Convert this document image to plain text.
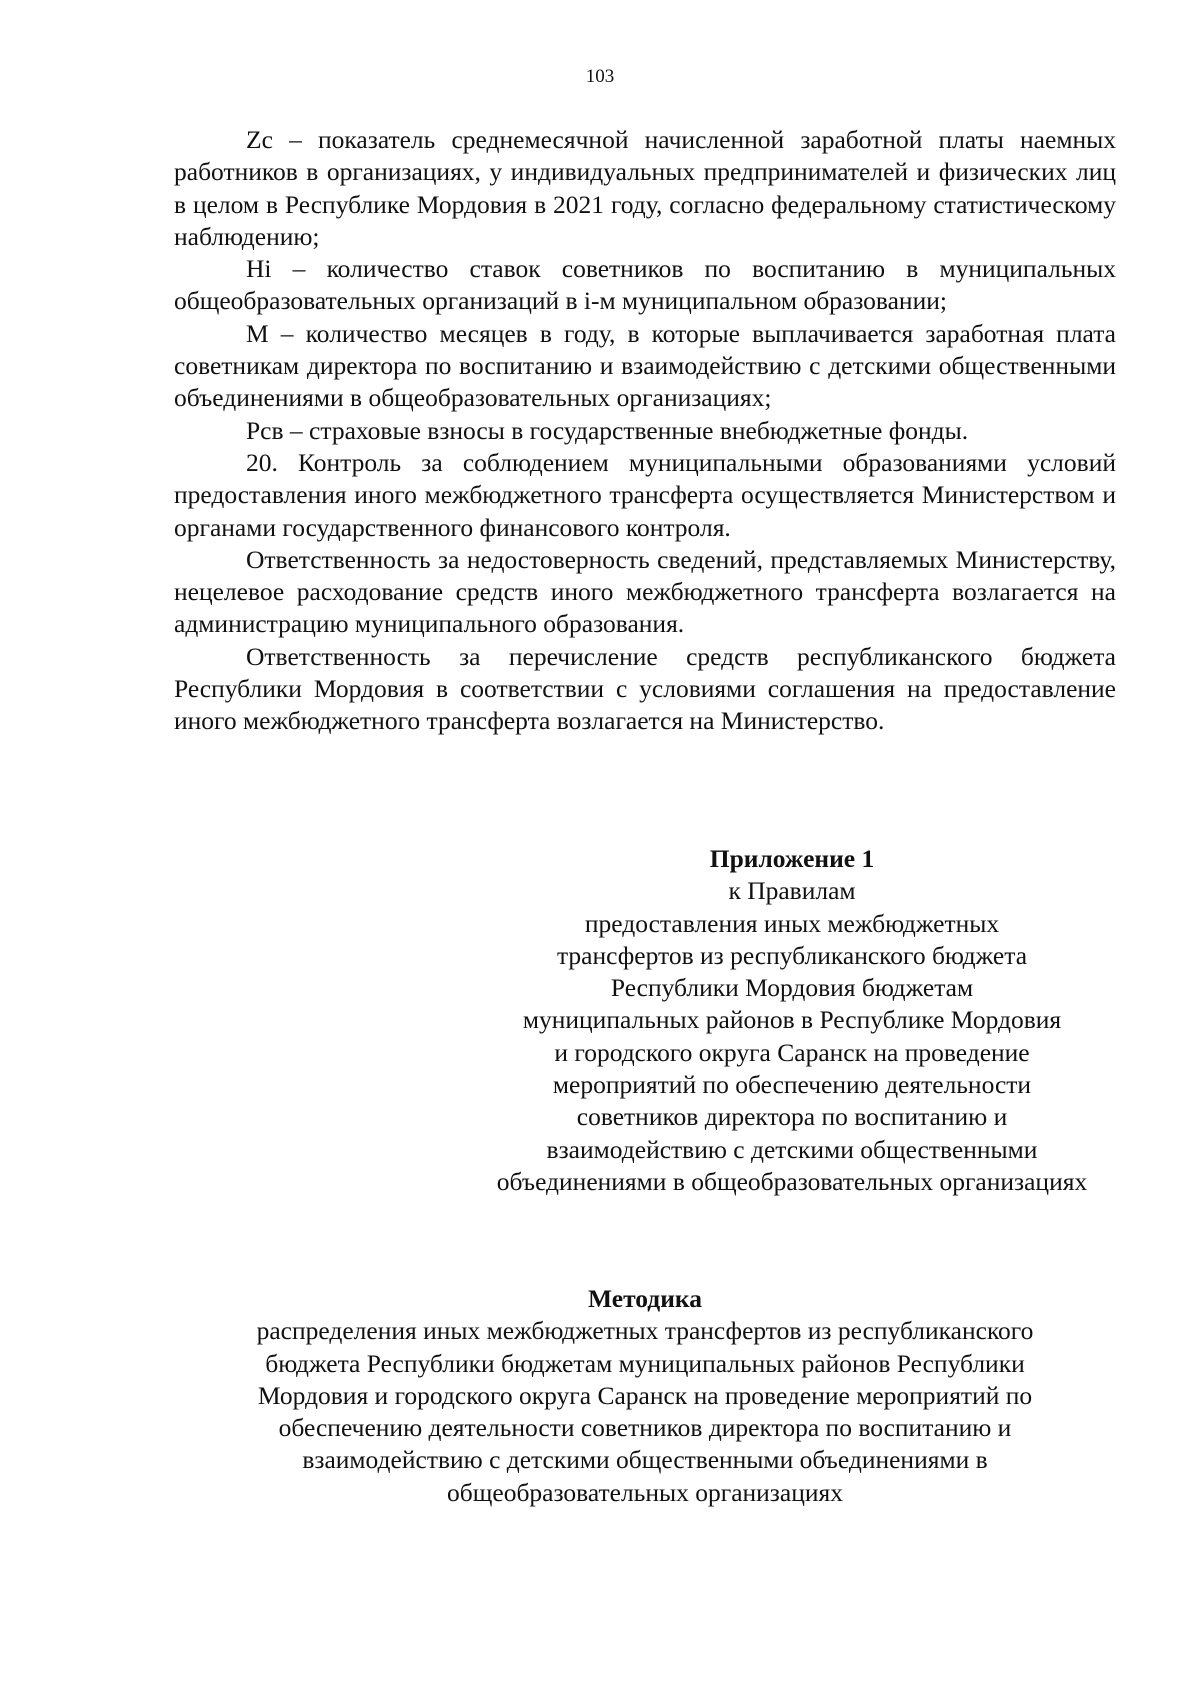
103

Zc – показатель среднемесячной начисленной заработной платы наемных работников в организациях, у индивидуальных предпринимателей и физических лиц в целом в Республике Мордовия в 2021 году, согласно федеральному статистическому наблюдению;

Hi – количество ставок советников по воспитанию в муниципальных общеобразовательных организаций в i-м муниципальном образовании;

M – количество месяцев в году, в которые выплачивается заработная плата советникам директора по воспитанию и взаимодействию с детскими общественными объединениями в общеобразовательных организациях;

Рсв – страховые взносы в государственные внебюджетные фонды.

20. Контроль за соблюдением муниципальными образованиями условий предоставления иного межбюджетного трансферта осуществляется Министерством и органами государственного финансового контроля.

Ответственность за недостоверность сведений, представляемых Министерству, нецелевое расходование средств иного межбюджетного трансферта возлагается на администрацию муниципального образования.

Ответственность за перечисление средств республиканского бюджета Республики Мордовия в соответствии с условиями соглашения на предоставление иного межбюджетного трансферта возлагается на Министерство.

Приложение 1
к Правилам
предоставления иных межбюджетных
трансфертов из республиканского бюджета
Республики Мордовия бюджетам
муниципальных районов в Республике Мордовия
и городского округа Саранск на проведение
мероприятий по обеспечению деятельности
советников директора по воспитанию и
взаимодействию с детскими общественными
объединениями в общеобразовательных организациях
Методика
распределения иных межбюджетных трансфертов из республиканского
бюджета Республики бюджетам муниципальных районов Республики
Мордовия и городского округа Саранск на проведение мероприятий по
обеспечению деятельности советников директора по воспитанию и
взаимодействию с детскими общественными объединениями в
общеобразовательных организациях
